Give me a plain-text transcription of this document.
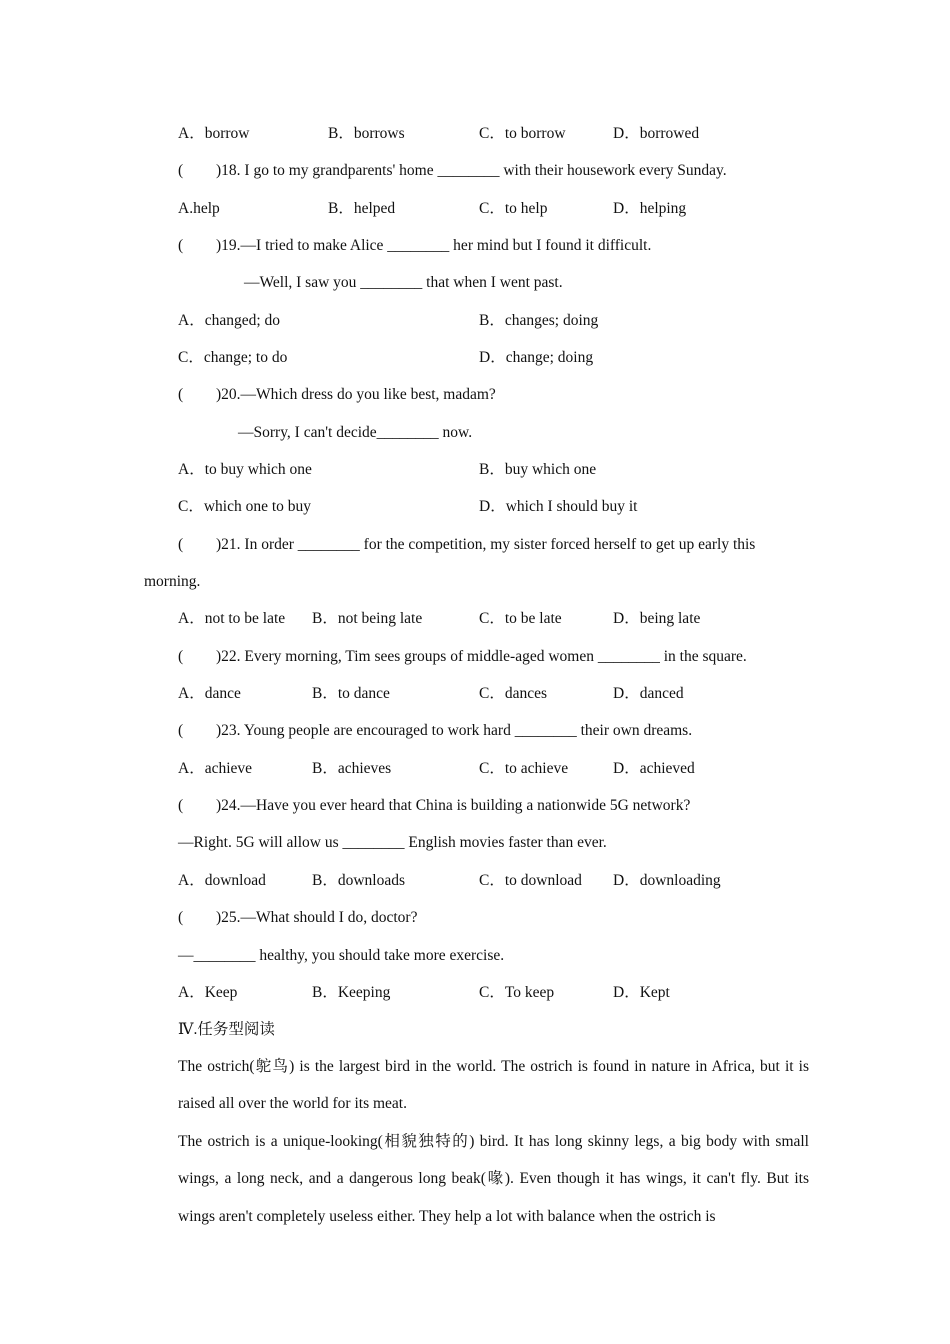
A．borrow	B．borrows	C．to borrow	D．borrowed
( )18. I go to my grandparents' home ________ with their housework every Sunday.
A.help	B．helped	C．to help	D．helping
( )19.—I tried to make Alice ________ her mind but I found it difficult.
—Well, I saw you ________ that when I went past.
A．changed; do	B．changes; doing
C．change; to do	D．change; doing
( )20.—Which dress do you like best, madam?
—Sorry, I can't decide________ now.
A．to buy which one	B．buy which one
C．which one to buy	D．which I should buy it
( )21. In order ________ for the competition, my sister forced herself to get up early this
morning.
A．not to be late B．not being late	C．to be late	D．being late
( )22. Every morning, Tim sees groups of middle-aged women ________ in the square.
A．dance	B．to dance	C．dances	D．danced
( )23. Young people are encouraged to work hard ________ their own dreams.
A．achieve	B．achieves	C．to achieve	D．achieved
( )24.—Have you ever heard that China is building a nationwide 5G network?
—Right. 5G will allow us ________ English movies faster than ever.
A．download	B．downloads	C．to download D．downloading
( )25.—What should I do, doctor?
—________ healthy, you should take more exercise.
A．Keep	B．Keeping	C．To keep	D．Kept
Ⅳ.任务型阅读
The ostrich(鸵鸟) is the largest bird in the world. The ostrich is found in nature in Africa, but it is raised all over the world for its meat.
The ostrich is a unique-looking(相貌独特的) bird. It has long skinny legs, a big body with small wings, a long neck, and a dangerous long beak(喙). Even though it has wings, it can't fly. But its wings aren't completely useless either. They help a lot with balance when the ostrich is
